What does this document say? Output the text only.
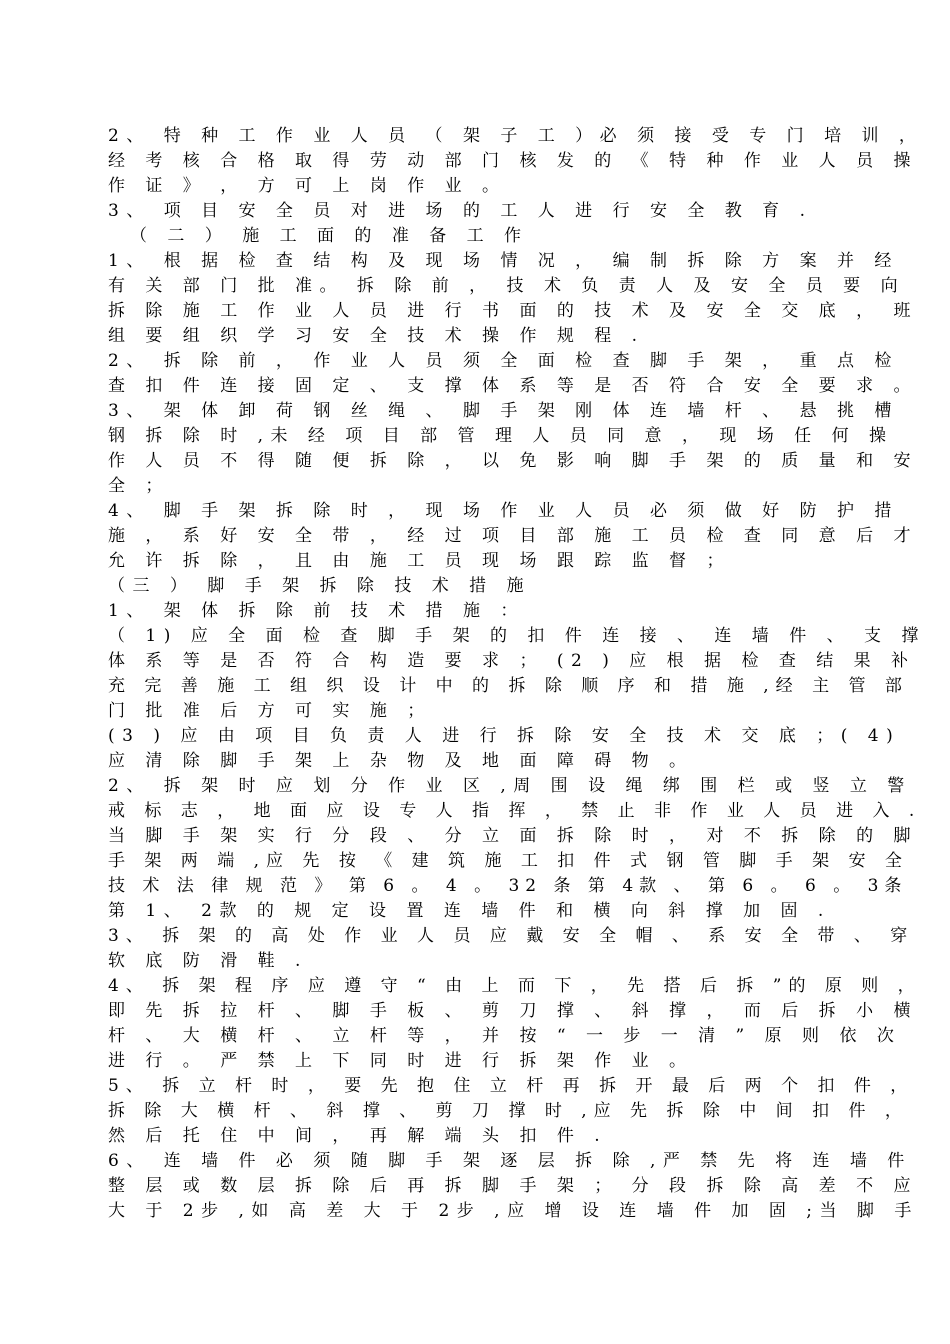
2、 特 种 工 作 业 人 员 （ 架 子 工 ）必 须 接 受 专 门 培 训 ，
经 考 核 合 格 取 得 劳 动 部 门 核 发 的 《 特 种 作 业 人 员 操
作 证 》 ， 方 可 上 岗 作 业 。
3、 项 目 安 全 员 对 进 场 的 工 人 进 行 安 全 教 育 .
（ 二 ） 施 工 面 的 准 备 工 作
1、 根 据 检 查 结 构 及 现 场 情 况 ， 编 制 拆 除 方 案 并 经
有 关 部 门 批 准。 拆 除 前 ， 技 术 负 责 人 及 安 全 员 要 向
拆 除 施 工 作 业 人 员 进 行 书 面 的 技 术 及 安 全 交 底 ， 班
组 要 组 织 学 习 安 全 技 术 操 作 规 程 .
2、 拆 除 前 ， 作 业 人 员 须 全 面 检 查 脚 手 架 ， 重 点 检
查 扣 件 连 接 固 定 、 支 撑 体 系 等 是 否 符 合 安 全 要 求 。
3、 架 体 卸 荷 钢 丝 绳 、 脚 手 架 刚 体 连 墙 杆 、 悬 挑 槽
钢 拆 除 时 ,未 经 项 目 部 管 理 人 员 同 意 ， 现 场 任 何 操
作 人 员 不 得 随 便 拆 除 ， 以 免 影 响 脚 手 架 的 质 量 和 安
全 ；
4、 脚 手 架 拆 除 时 ， 现 场 作 业 人 员 必 须 做 好 防 护 措
施 ， 系 好 安 全 带 ， 经 过 项 目 部 施 工 员 检 查 同 意 后 才
允 许 拆 除 ， 且 由 施 工 员 现 场 跟 踪 监 督 ；
（三 ） 脚 手 架 拆 除 技 术 措 施
1、 架 体 拆 除 前 技 术 措 施 ：
（ 1) 应 全 面 检 查 脚 手 架 的 扣 件 连 接 、 连 墙 件 、 支 撑
体 系 等 是 否 符 合 构 造 要 求 ； (2 ) 应 根 据 检 查 结 果 补
充 完 善 施 工 组 织 设 计 中 的 拆 除 顺 序 和 措 施 ,经 主 管 部
门 批 准 后 方 可 实 施 ；
(3 ) 应 由 项 目 负 责 人 进 行 拆 除 安 全 技 术 交 底 ；( 4)
应 清 除 脚 手 架 上 杂 物 及 地 面 障 碍 物 。
2、 拆 架 时 应 划 分 作 业 区 ,周 围 设 绳 绑 围 栏 或 竖 立 警
戒 标 志 ， 地 面 应 设 专 人 指 挥 ， 禁 止 非 作 业 人 员 进 入 .
当 脚 手 架 实 行 分 段 、 分 立 面 拆 除 时 ， 对 不 拆 除 的 脚
手 架 两 端 ,应 先 按 《 建 筑 施 工 扣 件 式 钢 管 脚 手 架 安 全
技 术 法 律 规 范 》 第 6 。 4 。 32 条 第 4款 、 第 6 。 6 。 3条
第 1、 2款 的 规 定 设 置 连 墙 件 和 横 向 斜 撑 加 固 .
3、 拆 架 的 高 处 作 业 人 员 应 戴 安 全 帽 、 系 安 全 带 、 穿
软 底 防 滑 鞋 .
4、 拆 架 程 序 应 遵 守 “ 由 上 而 下 ， 先 搭 后 拆 ”的 原 则 ，
即 先 拆 拉 杆 、 脚 手 板 、 剪 刀 撑 、 斜 撑 ， 而 后 拆 小 横
杆 、 大 横 杆 、 立 杆 等 ， 并 按 “ 一 步 一 清 ” 原 则 依 次
进 行 。 严 禁 上 下 同 时 进 行 拆 架 作 业 。
5、 拆 立 杆 时 ， 要 先 抱 住 立 杆 再 拆 开 最 后 两 个 扣 件 ，
拆 除 大 横 杆 、 斜 撑 、 剪 刀 撑 时 ,应 先 拆 除 中 间 扣 件 ，
然 后 托 住 中 间 ， 再 解 端 头 扣 件 .
6、 连 墙 件 必 须 随 脚 手 架 逐 层 拆 除 ,严 禁 先 将 连 墙 件
整 层 或 数 层 拆 除 后 再 拆 脚 手 架 ； 分 段 拆 除 高 差 不 应
大 于 2步 ,如 高 差 大 于 2步 ,应 增 设 连 墙 件 加 固 ;当 脚 手
